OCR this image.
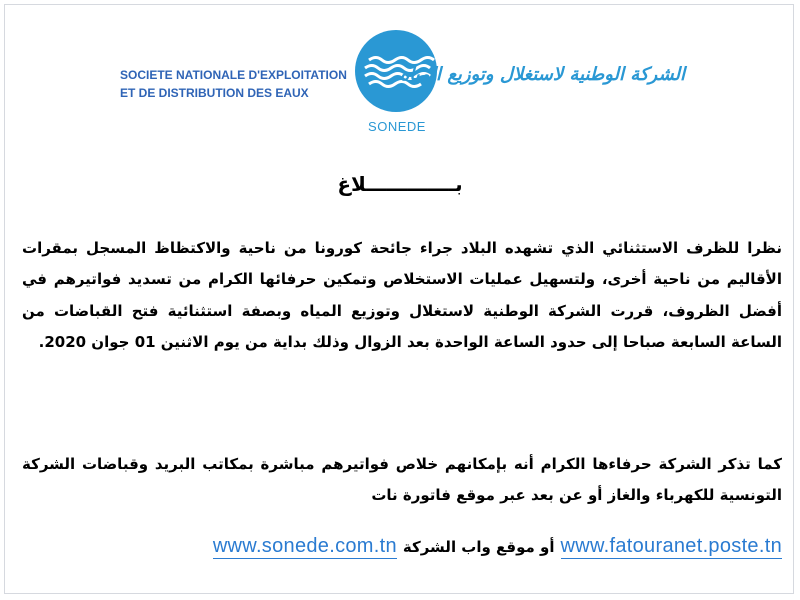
SOCIETE NATIONALE D'EXPLOITATION
ET DE DISTRIBUTION DES EAUX
SONEDE
الشركة الوطنية لاستغلال وتوزيع المياه
بـــــــــــــلاغ
نظرا للظرف الاستثنائي الذي تشهده البلاد جراء جائحة كورونا من ناحية والاكتظاظ المسجل بمقرات الأقاليم من ناحية أخرى، ولتسهيل عمليات الاستخلاص وتمكين حرفائها الكرام من تسديد فواتيرهم في أفضل الظروف، قررت الشركة الوطنية لاستغلال وتوزيع المياه وبصفة استثنائية فتح القباضات من الساعة السابعة صباحا إلى حدود الساعة الواحدة بعد الزوال وذلك بداية من يوم الاثنين 01 جوان 2020.
كما تذكر الشركة حرفاءها الكرام أنه بإمكانهم خلاص فواتيرهم مباشرة بمكاتب البريد وقباضات الشركة التونسية للكهرباء والغاز أو عن بعد عبر موقع فاتورة نات
www.fatouranet.poste.tn
أو موقع واب الشركة
www.sonede.com.tn
